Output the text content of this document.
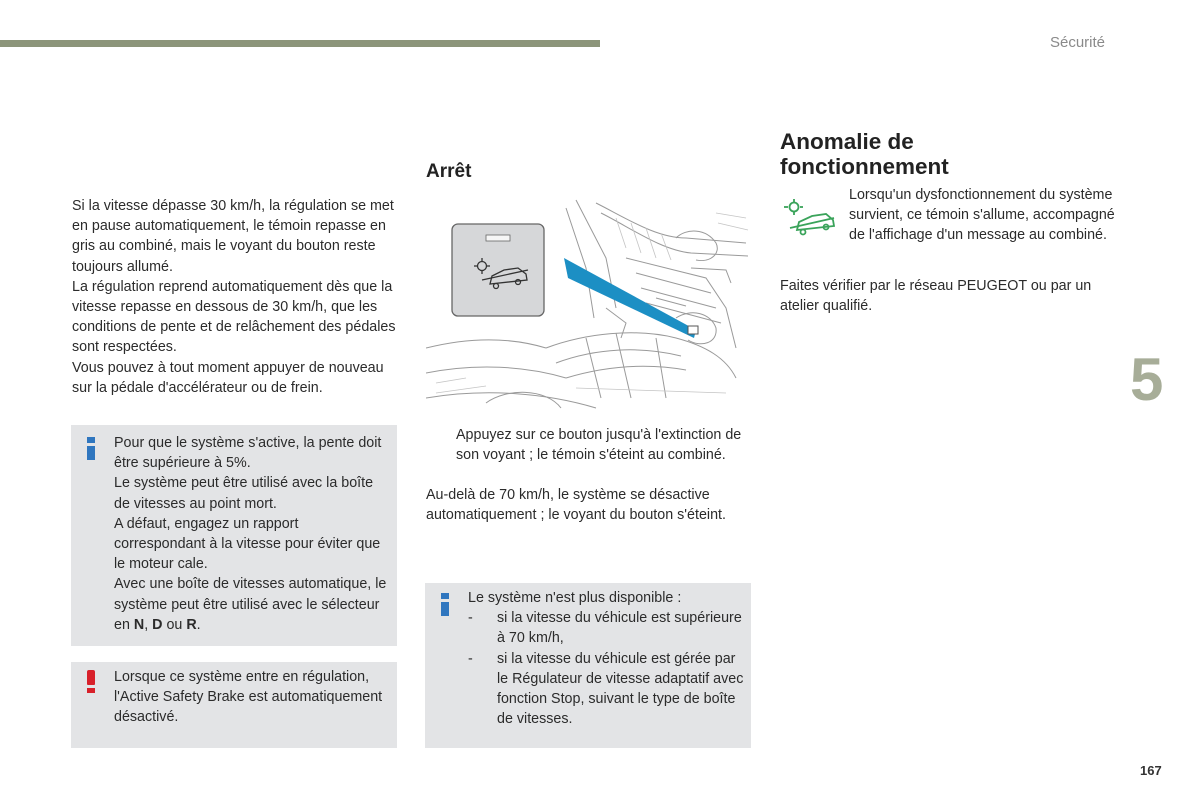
Sécurité
5
167

Si la vitesse dépasse 30 km/h, la régulation se met en pause automatiquement, le témoin repasse en gris au combiné, mais le voyant du bouton reste toujours allumé.

La régulation reprend automatiquement dès que la vitesse repasse en dessous de 30 km/h, que les conditions de pente et de relâchement des pédales sont respectées.

Vous pouvez à tout moment appuyer de nouveau sur la pédale d'accélérateur ou de frein.

Pour que le système s'active, la pente doit être supérieure à 5%.

Le système peut être utilisé avec la boîte de vitesses au point mort.

A défaut, engagez un rapport correspondant à la vitesse pour éviter que le moteur cale.

Avec une boîte de vitesses automatique, le système peut être utilisé avec le sélecteur en N, D ou R.

Lorsque ce système entre en régulation, l'Active Safety Brake est automatiquement désactivé.
Arrêt
Appuyez sur ce bouton jusqu'à l'extinction de son voyant ; le témoin s'éteint au combiné.
Au-delà de 70 km/h, le système se désactive automatiquement ; le voyant du bouton s'éteint.

Le système n'est plus disponible :

-	si la vitesse du véhicule est supérieure à 70 km/h,
-	si la vitesse du véhicule est gérée par le Régulateur de vitesse adaptatif avec fonction Stop, suivant le type de boîte de vitesses.
Anomalie de fonctionnement
Lorsqu'un dysfonctionnement du système survient, ce témoin s'allume, accompagné de l'affichage d'un message au combiné.
Faites vérifier par le réseau PEUGEOT ou par un atelier qualifié.
